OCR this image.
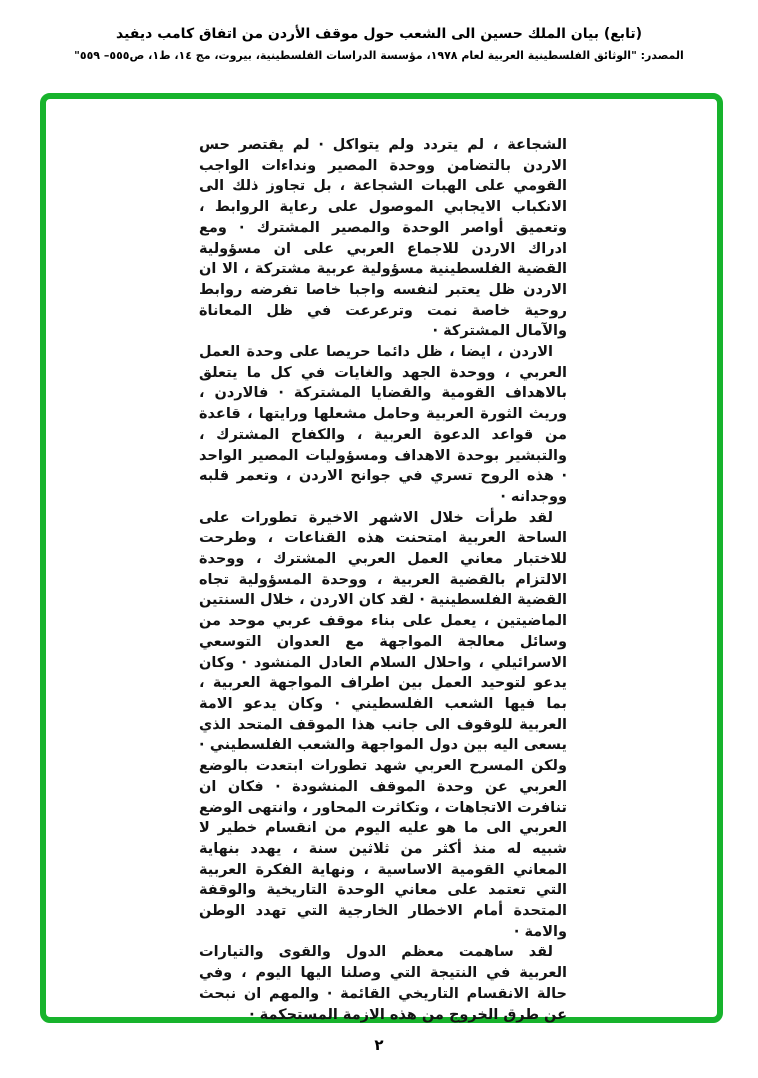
(تابع) بيان الملك حسين الى الشعب حول موقف الأردن من اتفاق كامب ديفيد
المصدر: "الوثائق الفلسطينية العربية لعام ١٩٧٨، مؤسسة الدراسات الفلسطينية، بيروت، مج ١٤، ط١، ص٥٥٥– ٥٥٩"

الشجاعة ، لم يتردد ولم يتواكل · لم يقتصر حس الاردن بالتضامن ووحدة المصير ونداءات الواجب القومي على الهبات الشجاعة ، بل تجاوز ذلك الى الانكباب الايجابي الموصول على رعاية الروابط ، وتعميق أواصر الوحدة والمصير المشترك · ومع ادراك الاردن للاجماع العربي على ان مسؤولية القضية الفلسطينية مسؤولية عربية مشتركة ، الا ان الاردن ظل يعتبر لنفسه واجبا خاصا تفرضه روابط روحية خاصة نمت وترعرعت في ظل المعاناة والآمال المشتركة ·

الاردن ، ايضا ، ظل دائما حريصا على وحدة العمل العربي ، ووحدة الجهد والغايات في كل ما يتعلق بالاهداف القومية والقضايا المشتركة · فالاردن ، وريث الثورة العربية وحامل مشعلها ورايتها ، قاعدة من قواعد الدعوة العربية ، والكفاح المشترك ، والتبشير بوحدة الاهداف ومسؤوليات المصير الواحد · هذه الروح تسري في جوانح الاردن ، وتعمر قلبه ووجدانه ·

لقد طرأت خلال الاشهر الاخيرة تطورات على الساحة العربية امتحنت هذه القناعات ، وطرحت للاختبار معاني العمل العربي المشترك ، ووحدة الالتزام بالقضية العربية ، ووحدة المسؤولية تجاه القضية الفلسطينية · لقد كان الاردن ، خلال السنتين الماضيتين ، يعمل على بناء موقف عربي موحد من وسائل معالجة المواجهة مع العدوان التوسعي الاسرائيلي ، واحلال السلام العادل المنشود · وكان يدعو لتوحيد العمل بين اطراف المواجهة العربية ، بما فيها الشعب الفلسطيني · وكان يدعو الامة العربية للوقوف الى جانب هذا الموقف المتحد الذي يسعى اليه بين دول المواجهة والشعب الفلسطيني · ولكن المسرح العربي شهد تطورات ابتعدت بالوضع العربي عن وحدة الموقف المنشودة · فكان ان تنافرت الاتجاهات ، وتكاثرت المحاور ، وانتهى الوضع العربي الى ما هو عليه اليوم من انقسام خطير لا شبيه له منذ أكثر من ثلاثين سنة ، يهدد بنهاية المعاني القومية الاساسية ، ونهاية الفكرة العربية التي تعتمد على معاني الوحدة التاريخية والوقفة المتحدة أمام الاخطار الخارجية التي تهدد الوطن والامة ·

لقد ساهمت معظم الدول والقوى والتيارات العربية في النتيجة التي وصلنا اليها اليوم ، وفي حالة الانقسام التاريخي القائمة · والمهم ان نبحث عن طرق الخروج من هذه الازمة المستحكمة ·

٢
